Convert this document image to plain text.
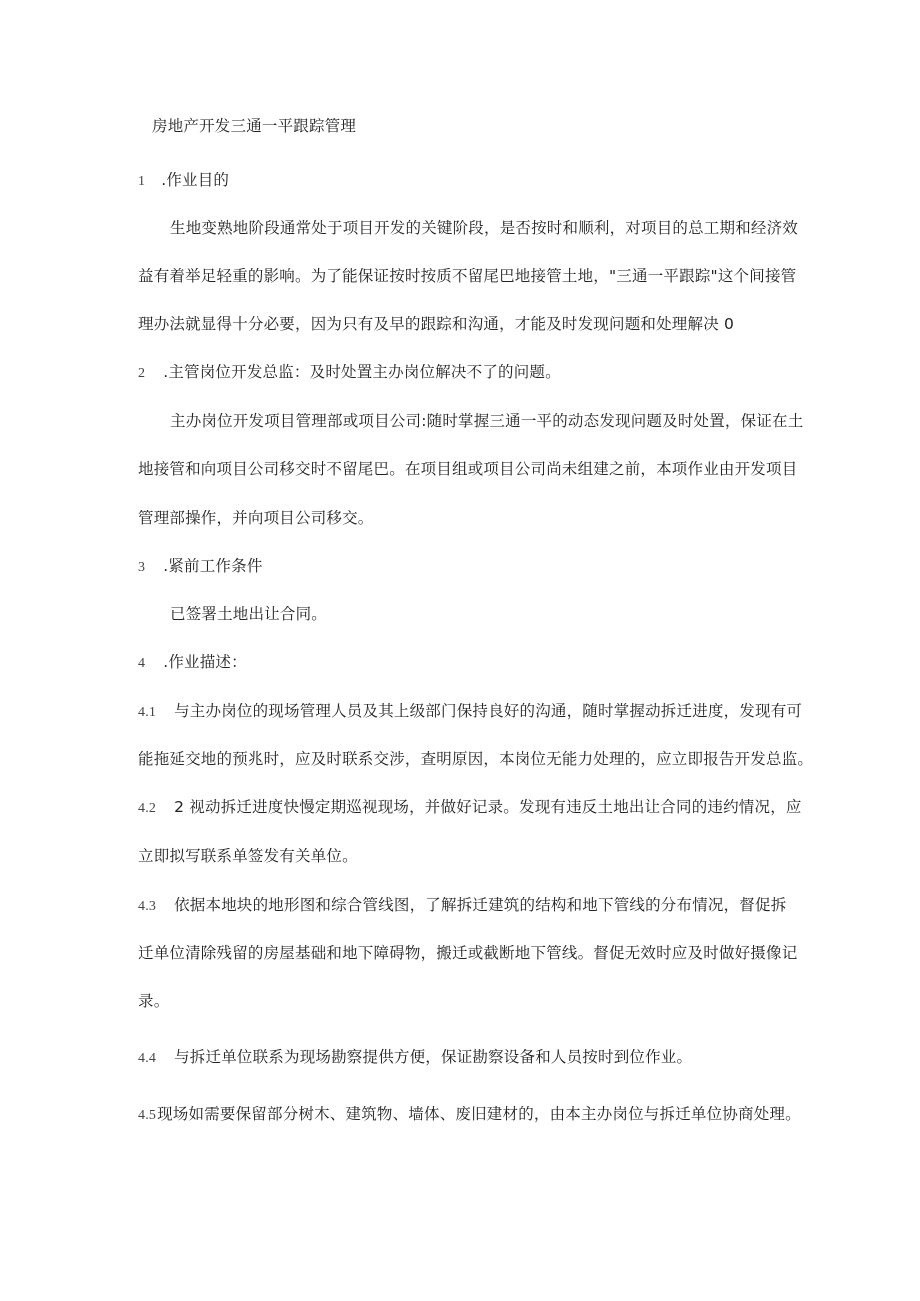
房地产开发三通一平跟踪管理
1 .作业目的
生地变熟地阶段通常处于项目开发的关键阶段，是否按时和顺利，对项目的总工期和经济效
益有着举足轻重的影响。为了能保证按时按质不留尾巴地接管土地，"三通一平跟踪"这个间接管
理办法就显得十分必要，因为只有及早的跟踪和沟通，才能及时发现问题和处理解决 0
2 .主管岗位开发总监：及时处置主办岗位解决不了的问题。
主办岗位开发项目管理部或项目公司:随时掌握三通一平的动态发现问题及时处置，保证在土
地接管和向项目公司移交时不留尾巴。在项目组或项目公司尚未组建之前，本项作业由开发项目
管理部操作，并向项目公司移交。
3 .紧前工作条件
已签署土地出让合同。
4 .作业描述：
4.1 与主办岗位的现场管理人员及其上级部门保持良好的沟通，随时掌握动拆迁进度，发现有可
能拖延交地的预兆时，应及时联系交涉，查明原因，本岗位无能力处理的，应立即报告开发总监。
4.2 2 视动拆迁进度快慢定期巡视现场，并做好记录。发现有违反土地出让合同的违约情况，应
立即拟写联系单签发有关单位。
4.3 依据本地块的地形图和综合管线图，了解拆迁建筑的结构和地下管线的分布情况，督促拆
迁单位清除残留的房屋基础和地下障碍物，搬迁或截断地下管线。督促无效时应及时做好摄像记
录。
4.4 与拆迁单位联系为现场勘察提供方便，保证勘察设备和人员按时到位作业。
4.5现场如需要保留部分树木、建筑物、墙体、废旧建材的，由本主办岗位与拆迁单位协商处理。
